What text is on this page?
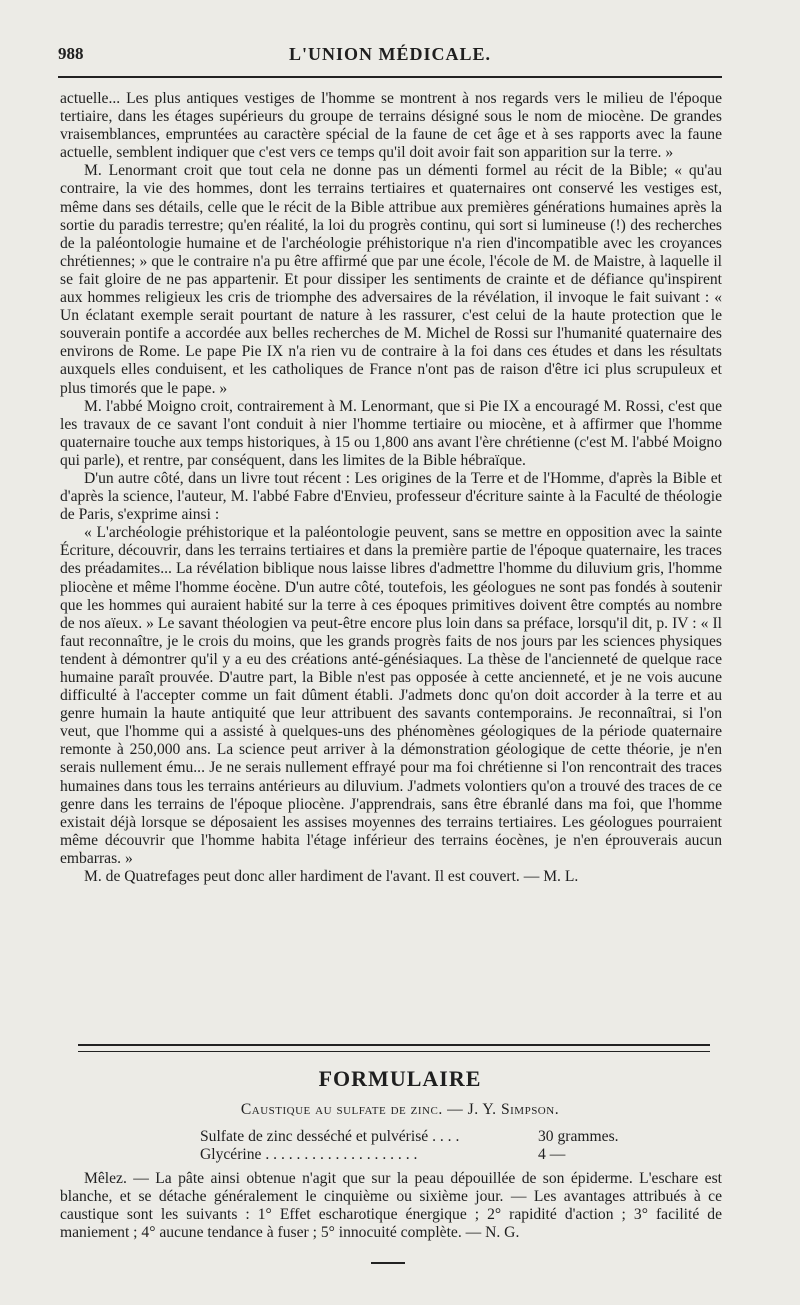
988	L'UNION MÉDICALE.

actuelle... Les plus antiques vestiges de l'homme se montrent à nos regards vers le milieu de l'époque tertiaire, dans les étages supérieurs du groupe de terrains désigné sous le nom de miocène. De grandes vraisemblances, empruntées au caractère spécial de la faune de cet âge et à ses rapports avec la faune actuelle, semblent indiquer que c'est vers ce temps qu'il doit avoir fait son apparition sur la terre. »

M. Lenormant croit que tout cela ne donne pas un démenti formel au récit de la Bible; « qu'au contraire, la vie des hommes, dont les terrains tertiaires et quaternaires ont conservé les vestiges est, même dans ses détails, celle que le récit de la Bible attribue aux premières générations humaines après la sortie du paradis terrestre; qu'en réalité, la loi du progrès continu, qui sort si lumineuse (!) des recherches de la paléontologie humaine et de l'archéologie préhistorique n'a rien d'incompatible avec les croyances chrétiennes; » que le contraire n'a pu être affirmé que par une école, l'école de M. de Maistre, à laquelle il se fait gloire de ne pas appartenir. Et pour dissiper les sentiments de crainte et de défiance qu'inspirent aux hommes religieux les cris de triomphe des adversaires de la révélation, il invoque le fait suivant : « Un éclatant exemple serait pourtant de nature à les rassurer, c'est celui de la haute protection que le souverain pontife a accordée aux belles recherches de M. Michel de Rossi sur l'humanité quaternaire des environs de Rome. Le pape Pie IX n'a rien vu de contraire à la foi dans ces études et dans les résultats auxquels elles conduisent, et les catholiques de France n'ont pas de raison d'être ici plus scrupuleux et plus timorés que le pape. »

M. l'abbé Moigno croit, contrairement à M. Lenormant, que si Pie IX a encouragé M. Rossi, c'est que les travaux de ce savant l'ont conduit à nier l'homme tertiaire ou miocène, et à affirmer que l'homme quaternaire touche aux temps historiques, à 15 ou 1,800 ans avant l'ère chrétienne (c'est M. l'abbé Moigno qui parle), et rentre, par conséquent, dans les limites de la Bible hébraïque.

D'un autre côté, dans un livre tout récent : Les origines de la Terre et de l'Homme, d'après la Bible et d'après la science, l'auteur, M. l'abbé Fabre d'Envieu, professeur d'écriture sainte à la Faculté de théologie de Paris, s'exprime ainsi :

« L'archéologie préhistorique et la paléontologie peuvent, sans se mettre en opposition avec la sainte Écriture, découvrir, dans les terrains tertiaires et dans la première partie de l'époque quaternaire, les traces des préadamites... La révélation biblique nous laisse libres d'admettre l'homme du diluvium gris, l'homme pliocène et même l'homme éocène. D'un autre côté, toutefois, les géologues ne sont pas fondés à soutenir que les hommes qui auraient habité sur la terre à ces époques primitives doivent être comptés au nombre de nos aïeux. » Le savant théologien va peut-être encore plus loin dans sa préface, lorsqu'il dit, p. IV : « Il faut reconnaître, je le crois du moins, que les grands progrès faits de nos jours par les sciences physiques tendent à démontrer qu'il y a eu des créations anté-génésiaques. La thèse de l'ancienneté de quelque race humaine paraît prouvée. D'autre part, la Bible n'est pas opposée à cette ancienneté, et je ne vois aucune difficulté à l'accepter comme un fait dûment établi. J'admets donc qu'on doit accorder à la terre et au genre humain la haute antiquité que leur attribuent des savants contemporains. Je reconnaîtrai, si l'on veut, que l'homme qui a assisté à quelques-uns des phénomènes géologiques de la période quaternaire remonte à 250,000 ans. La science peut arriver à la démonstration géologique de cette théorie, je n'en serais nullement ému... Je ne serais nullement effrayé pour ma foi chrétienne si l'on rencontrait des traces humaines dans tous les terrains antérieurs au diluvium. J'admets volontiers qu'on a trouvé des traces de ce genre dans les terrains de l'époque pliocène. J'apprendrais, sans être ébranlé dans ma foi, que l'homme existait déjà lorsque se déposaient les assises moyennes des terrains tertiaires. Les géologues pourraient même découvrir que l'homme habita l'étage inférieur des terrains éocènes, je n'en éprouverais aucun embarras. »

M. de Quatrefages peut donc aller hardiment de l'avant. Il est couvert. — M. L.

FORMULAIRE
Caustique au sulfate de zinc. — J. Y. Simpson.
Sulfate de zinc desséché et pulvérisé . . . .	30 grammes.
Glycérine . . . . . . . . . . . . . . . . . . . .	4 —

Mêlez. — La pâte ainsi obtenue n'agit que sur la peau dépouillée de son épiderme. L'eschare est blanche, et se détache généralement le cinquième ou sixième jour. — Les avantages attribués à ce caustique sont les suivants : 1° Effet escharotique énergique ; 2° rapidité d'action ; 3° facilité de maniement ; 4° aucune tendance à fuser ; 5° innocuité complète. — N. G.
